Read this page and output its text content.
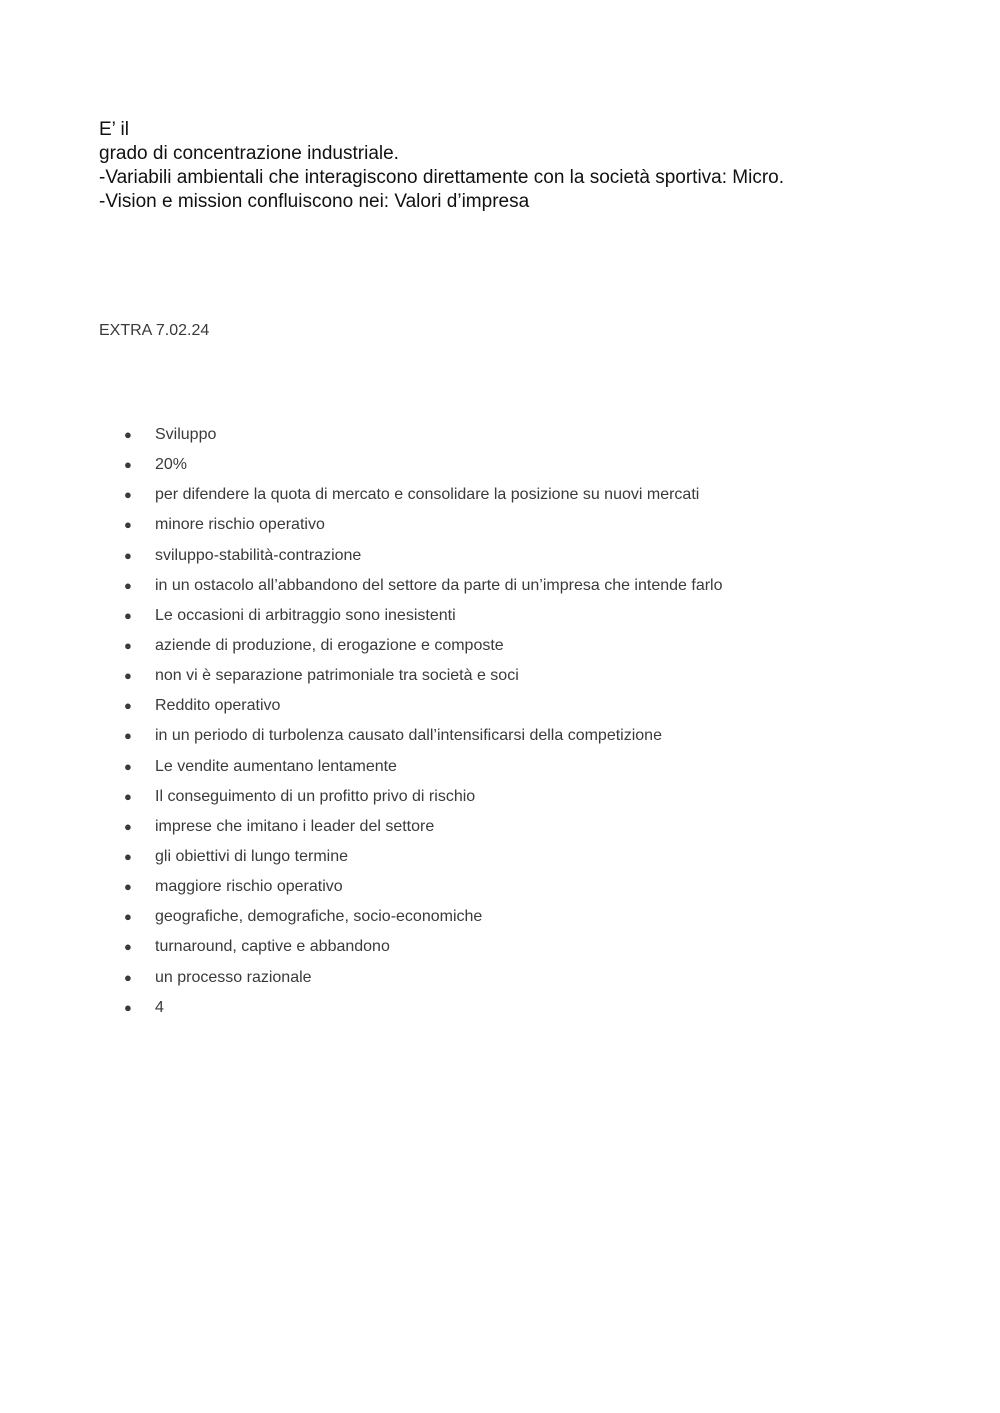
E’ il
grado di concentrazione industriale.
-Variabili ambientali che interagiscono direttamente con la società sportiva: Micro.
-Vision e mission confluiscono nei: Valori d’impresa
EXTRA 7.02.24
●	Sviluppo
●	20%
●	per difendere la quota di mercato e consolidare la posizione su nuovi mercati
●	minore rischio operativo
●	sviluppo-stabilità-contrazione
●	in un ostacolo all’abbandono del settore da parte di un’impresa che intende farlo
●	Le occasioni di arbitraggio sono inesistenti
●	aziende di produzione, di erogazione e composte
●	non vi è separazione patrimoniale tra società e soci
●	Reddito operativo
●	in un periodo di turbolenza causato dall’intensificarsi della competizione
●	Le vendite aumentano lentamente
●	Il conseguimento di un profitto privo di rischio
●	imprese che imitano i leader del settore
●	gli obiettivi di lungo termine
●	maggiore rischio operativo
●	geografiche, demografiche, socio-economiche
●	turnaround, captive e abbandono
●	un processo razionale
●	4
